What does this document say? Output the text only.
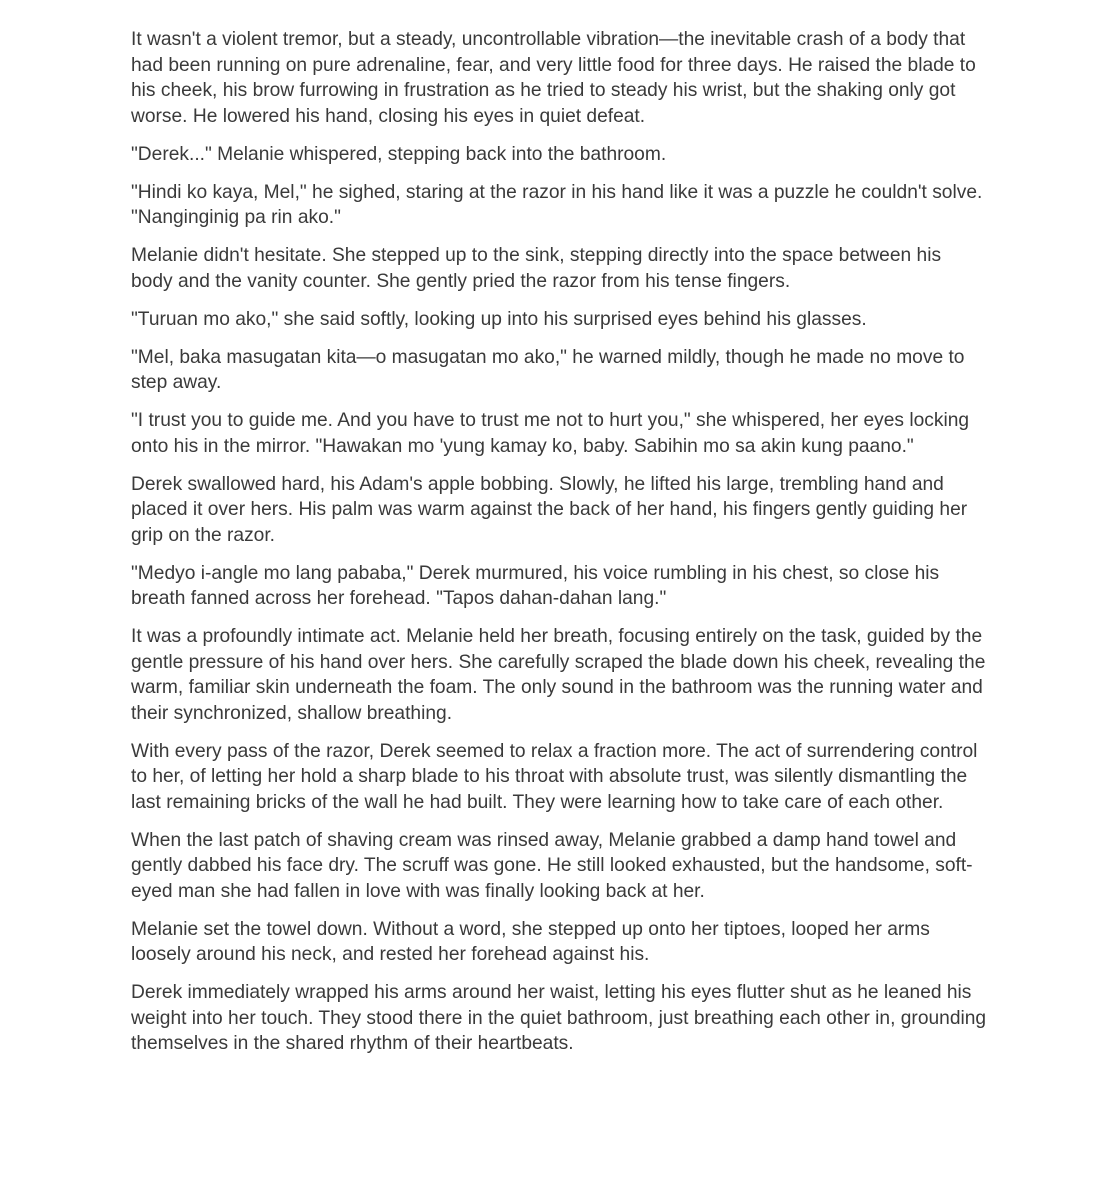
It wasn't a violent tremor, but a steady, uncontrollable vibration—the inevitable crash of a body that had been running on pure adrenaline, fear, and very little food for three days. He raised the blade to his cheek, his brow furrowing in frustration as he tried to steady his wrist, but the shaking only got worse. He lowered his hand, closing his eyes in quiet defeat.

"Derek..." Melanie whispered, stepping back into the bathroom.

"Hindi ko kaya, Mel," he sighed, staring at the razor in his hand like it was a puzzle he couldn't solve. "Nanginginig pa rin ako."

Melanie didn't hesitate. She stepped up to the sink, stepping directly into the space between his body and the vanity counter. She gently pried the razor from his tense fingers.

"Turuan mo ako," she said softly, looking up into his surprised eyes behind his glasses.

"Mel, baka masugatan kita—o masugatan mo ako," he warned mildly, though he made no move to step away.

"I trust you to guide me. And you have to trust me not to hurt you," she whispered, her eyes locking onto his in the mirror. "Hawakan mo 'yung kamay ko, baby. Sabihin mo sa akin kung paano."

Derek swallowed hard, his Adam's apple bobbing. Slowly, he lifted his large, trembling hand and placed it over hers. His palm was warm against the back of her hand, his fingers gently guiding her grip on the razor.

"Medyo i-angle mo lang pababa," Derek murmured, his voice rumbling in his chest, so close his breath fanned across her forehead. "Tapos dahan-dahan lang."

It was a profoundly intimate act. Melanie held her breath, focusing entirely on the task, guided by the gentle pressure of his hand over hers. She carefully scraped the blade down his cheek, revealing the warm, familiar skin underneath the foam. The only sound in the bathroom was the running water and their synchronized, shallow breathing.

With every pass of the razor, Derek seemed to relax a fraction more. The act of surrendering control to her, of letting her hold a sharp blade to his throat with absolute trust, was silently dismantling the last remaining bricks of the wall he had built. They were learning how to take care of each other.

When the last patch of shaving cream was rinsed away, Melanie grabbed a damp hand towel and gently dabbed his face dry. The scruff was gone. He still looked exhausted, but the handsome, soft-eyed man she had fallen in love with was finally looking back at her.

Melanie set the towel down. Without a word, she stepped up onto her tiptoes, looped her arms loosely around his neck, and rested her forehead against his.

Derek immediately wrapped his arms around her waist, letting his eyes flutter shut as he leaned his weight into her touch. They stood there in the quiet bathroom, just breathing each other in, grounding themselves in the shared rhythm of their heartbeats.
